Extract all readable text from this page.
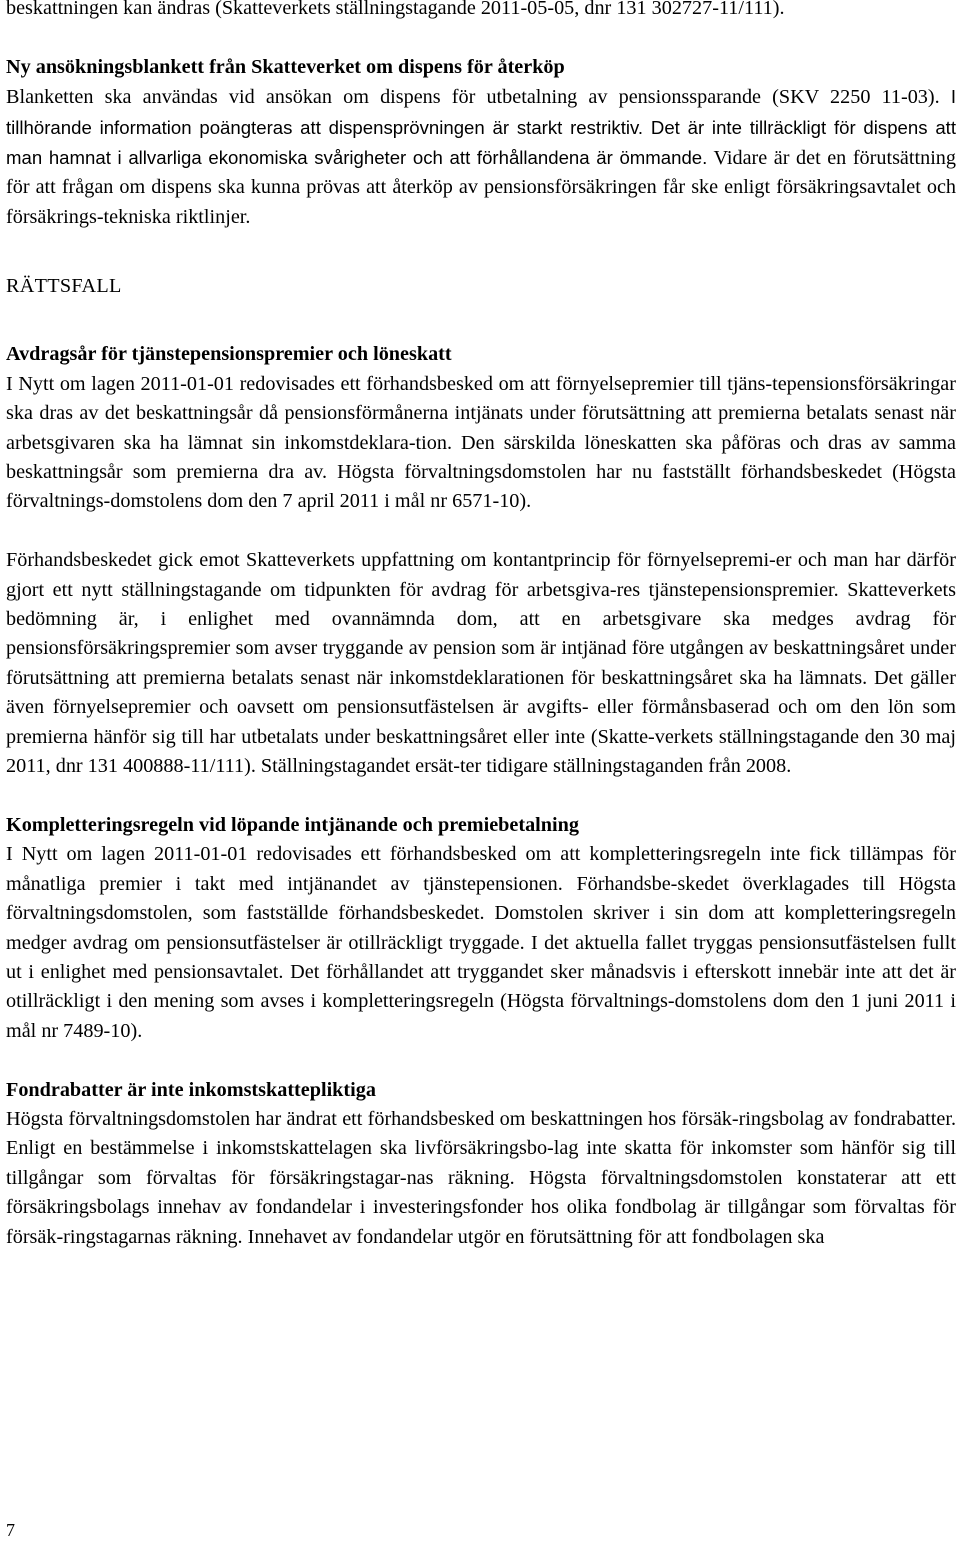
beskattningen kan ändras (Skatteverkets ställningstagande 2011-05-05, dnr 131 302727-11/111).

Ny ansökningsblankett från Skatteverket om dispens för återköp

Blanketten ska användas vid ansökan om dispens för utbetalning av pensionssparande (SKV 2250 11-03). I tillhörande information poängteras att dispensprövningen är starkt restriktiv. Det är inte tillräckligt för dispens att man hamnat i allvarliga ekonomiska svårigheter och att förhållandena är ömmande. Vidare är det en förutsättning för att frågan om dispens ska kunna prövas att återköp av pensionsförsäkringen får ske enligt försäkringsavtalet och försäkrings-tekniska riktlinjer.

RÄTTSFALL

Avdragsår för tjänstepensionspremier och löneskatt

I Nytt om lagen 2011-01-01 redovisades ett förhandsbesked om att förnyelsepremier till tjäns-tepensionsförsäkringar ska dras av det beskattningsår då pensionsförmånerna intjänats under förutsättning att premierna betalats senast när arbetsgivaren ska ha lämnat sin inkomstdeklara-tion. Den särskilda löneskatten ska påföras och dras av samma beskattningsår som premierna dra av. Högsta förvaltningsdomstolen har nu fastställt förhandsbeskedet (Högsta förvaltnings-domstolens dom den 7 april 2011 i mål nr 6571-10).

Förhandsbeskedet gick emot Skatteverkets uppfattning om kontantprincip för förnyelsepremi-er och man har därför gjort ett nytt ställningstagande om tidpunkten för avdrag för arbetsgiva-res tjänstepensionspremier. Skatteverkets bedömning är, i enlighet med ovannämnda dom, att en arbetsgivare ska medges avdrag för pensionsförsäkringspremier som avser tryggande av pension som är intjänad före utgången av beskattningsåret under förutsättning att premierna betalats senast när inkomstdeklarationen för beskattningsåret ska ha lämnats. Det gäller även förnyelsepremier och oavsett om pensionsutfästelsen är avgifts- eller förmånsbaserad och om den lön som premierna hänför sig till har utbetalats under beskattningsåret eller inte (Skatte-verkets ställningstagande den 30 maj 2011, dnr 131 400888-11/111). Ställningstagandet ersät-ter tidigare ställningstaganden från 2008.

Kompletteringsregeln vid löpande intjänande och premiebetalning

I Nytt om lagen 2011-01-01 redovisades ett förhandsbesked om att kompletteringsregeln inte fick tillämpas för månatliga premier i takt med intjänandet av tjänstepensionen. Förhandsbe-skedet överklagades till Högsta förvaltningsdomstolen, som fastställde förhandsbeskedet. Domstolen skriver i sin dom att kompletteringsregeln medger avdrag om pensionsutfästelser är otillräckligt tryggade. I det aktuella fallet tryggas pensionsutfästelsen fullt ut i enlighet med pensionsavtalet. Det förhållandet att tryggandet sker månadsvis i efterskott innebär inte att det är otillräckligt i den mening som avses i kompletteringsregeln (Högsta förvaltnings-domstolens dom den 1 juni 2011 i mål nr 7489-10).

Fondrabatter är inte inkomstskattepliktiga

Högsta förvaltningsdomstolen har ändrat ett förhandsbesked om beskattningen hos försäk-ringsbolag av fondrabatter. Enligt en bestämmelse i inkomstskattelagen ska livförsäkringsbo-lag inte skatta för inkomster som hänför sig till tillgångar som förvaltas för försäkringstagar-nas räkning. Högsta förvaltningsdomstolen konstaterar att ett försäkringsbolags innehav av fondandelar i investeringsfonder hos olika fondbolag är tillgångar som förvaltas för försäk-ringstagarnas räkning. Innehavet av fondandelar utgör en förutsättning för att fondbolagen ska

7
